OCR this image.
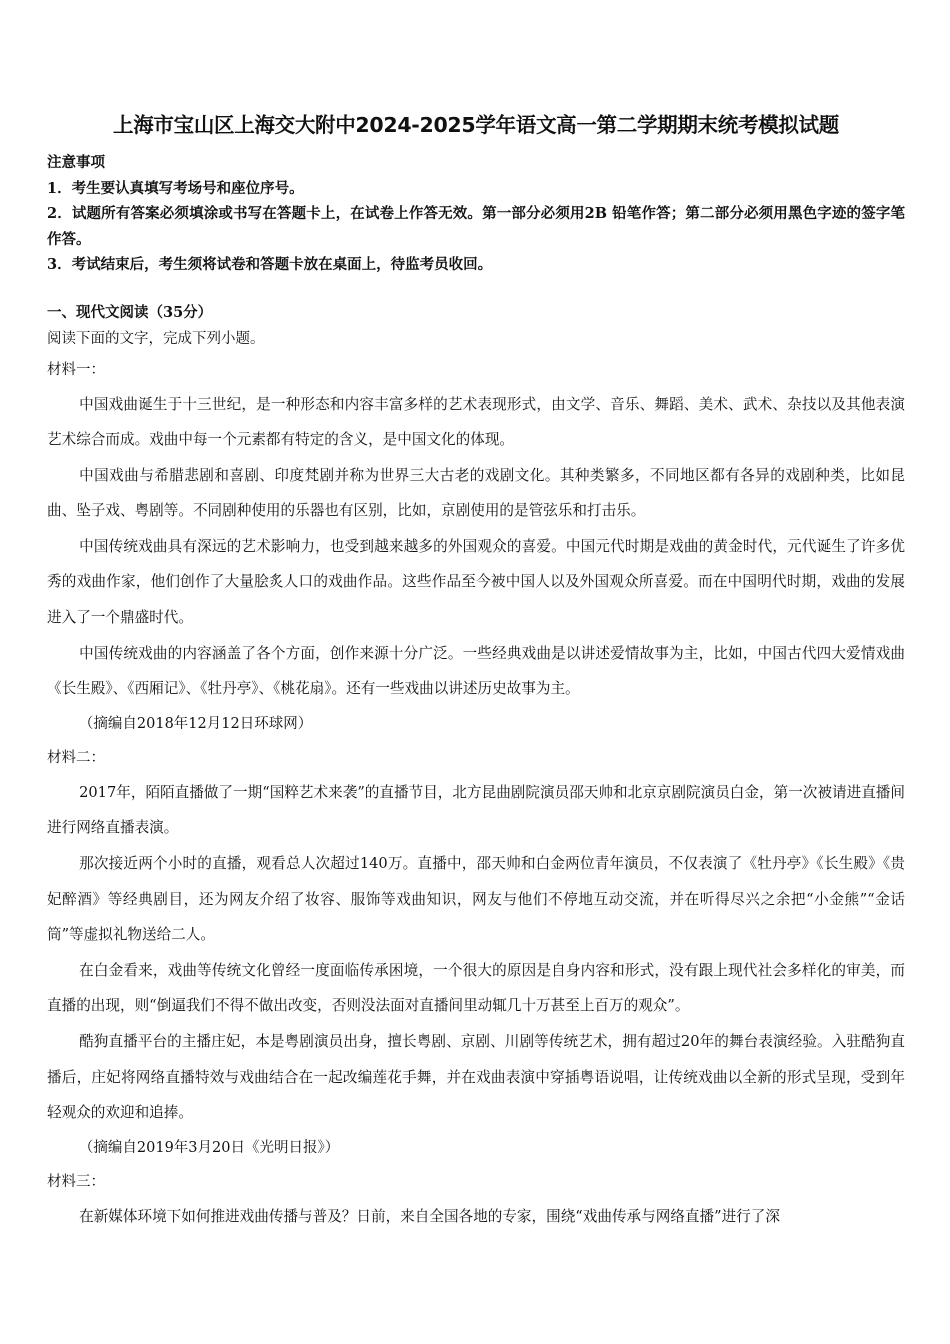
上海市宝山区上海交大附中2024-2025学年语文高一第二学期期末统考模拟试题
注意事项
1．考生要认真填写考场号和座位序号。
2．试题所有答案必须填涂或书写在答题卡上，在试卷上作答无效。第一部分必须用2B 铅笔作答；第二部分必须用黑色字迹的签字笔作答。
3．考试结束后，考生须将试卷和答题卡放在桌面上，待监考员收回。
一、现代文阅读（35分）
阅读下面的文字，完成下列小题。
材料一：

中国戏曲诞生于十三世纪，是一种形态和内容丰富多样的艺术表现形式，由文学、音乐、舞蹈、美术、武术、杂技以及其他表演艺术综合而成。戏曲中每一个元素都有特定的含义，是中国文化的体现。

中国戏曲与希腊悲剧和喜剧、印度梵剧并称为世界三大古老的戏剧文化。其种类繁多，不同地区都有各异的戏剧种类，比如昆曲、坠子戏、粤剧等。不同剧种使用的乐器也有区别，比如，京剧使用的是管弦乐和打击乐。

中国传统戏曲具有深远的艺术影响力，也受到越来越多的外国观众的喜爱。中国元代时期是戏曲的黄金时代，元代诞生了许多优秀的戏曲作家，他们创作了大量脍炙人口的戏曲作品。这些作品至今被中国人以及外国观众所喜爱。而在中国明代时期，戏曲的发展进入了一个鼎盛时代。

中国传统戏曲的内容涵盖了各个方面，创作来源十分广泛。一些经典戏曲是以讲述爱情故事为主，比如，中国古代四大爱情戏曲《长生殿》、《西厢记》、《牡丹亭》、《桃花扇》。还有一些戏曲以讲述历史故事为主。

（摘编自2018年12月12日环球网）
材料二：

2017年，陌陌直播做了一期“国粹艺术来袭”的直播节目，北方昆曲剧院演员邵天帅和北京京剧院演员白金，第一次被请进直播间进行网络直播表演。

那次接近两个小时的直播，观看总人次超过140万。直播中，邵天帅和白金两位青年演员，不仅表演了《牡丹亭》《长生殿》《贵妃醉酒》等经典剧目，还为网友介绍了妆容、服饰等戏曲知识，网友与他们不停地互动交流，并在听得尽兴之余把“小金熊”“金话筒”等虚拟礼物送给二人。

在白金看来，戏曲等传统文化曾经一度面临传承困境，一个很大的原因是自身内容和形式，没有跟上现代社会多样化的审美，而直播的出现，则“倒逼我们不得不做出改变，否则没法面对直播间里动辄几十万甚至上百万的观众”。

酷狗直播平台的主播庄妃，本是粤剧演员出身，擅长粤剧、京剧、川剧等传统艺术，拥有超过20年的舞台表演经验。入驻酷狗直播后，庄妃将网络直播特效与戏曲结合在一起改编莲花手舞，并在戏曲表演中穿插粤语说唱，让传统戏曲以全新的形式呈现，受到年轻观众的欢迎和追捧。

（摘编自2019年3月20日《光明日报》）
材料三：

在新媒体环境下如何推进戏曲传播与普及？日前，来自全国各地的专家，围绕“戏曲传承与网络直播”进行了深
